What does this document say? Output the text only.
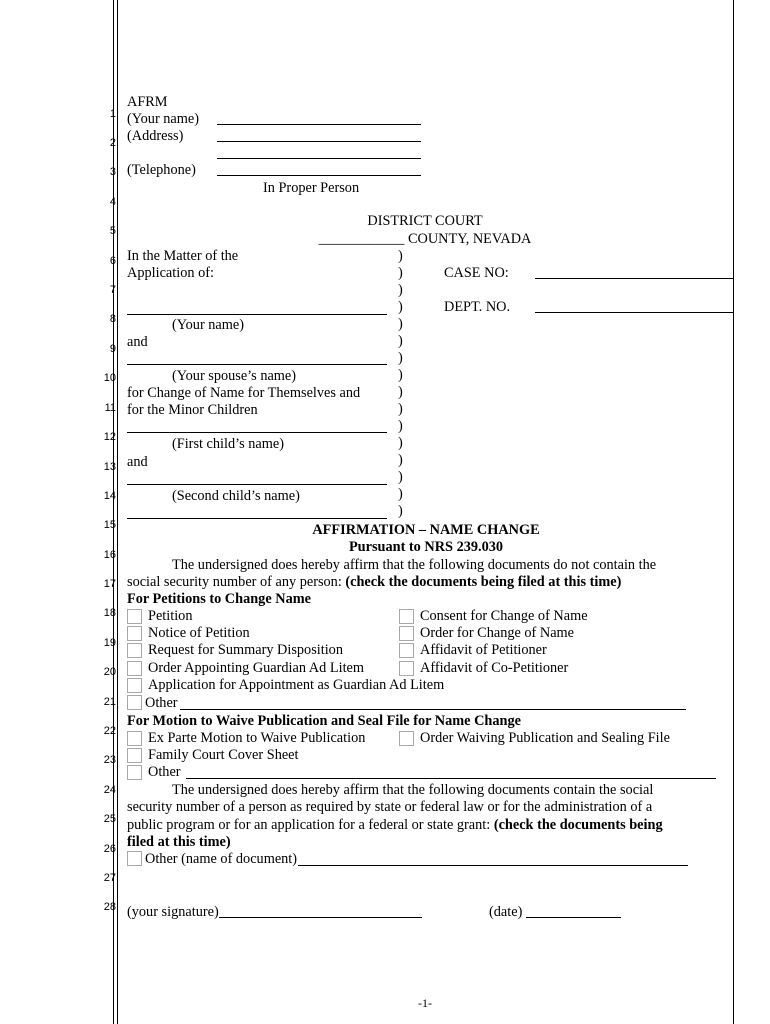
1
2
3
4
5
6
7
8
9
10
11
12
13
14
15
16
17
18
19
20
21
22
23
24
25
26
27
28
AFRM
(Your name)
(Address)
(Telephone)
In Proper Person
DISTRICT COURT
____________ COUNTY, NEVADA
In the Matter of the
Application of:
(Your name)
and
(Your spouse’s name)
for Change of Name for Themselves and
for the Minor Children
(First child’s name)
and
(Second child’s name)
)
)
)
)
)
)
)
)
)
)
)
)
)
)
)
)
CASE NO:
DEPT. NO.
AFFIRMATION – NAME CHANGE
Pursuant to NRS 239.030
The undersigned does hereby affirm that the following documents do not contain the
social security number of any person: (check the documents being filed at this time)
For Petitions to Change Name
Petition
Notice of Petition
Request for Summary Disposition
Order Appointing Guardian Ad Litem
Application for Appointment as Guardian Ad Litem
Other
Consent for Change of Name
Order for Change of Name
Affidavit of Petitioner
Affidavit of Co-Petitioner
For Motion to Waive Publication and Seal File for Name Change
Ex Parte Motion to Waive Publication	Order Waiving Publication and Sealing File
Family Court Cover Sheet
Other
The undersigned does hereby affirm that the following documents contain the social
security number of a person as required by state or federal law or for the administration of a
public program or for an application for a federal or state grant: (check the documents being
filed at this time)
Other (name of document)
(your signature)	(date)
-1-
